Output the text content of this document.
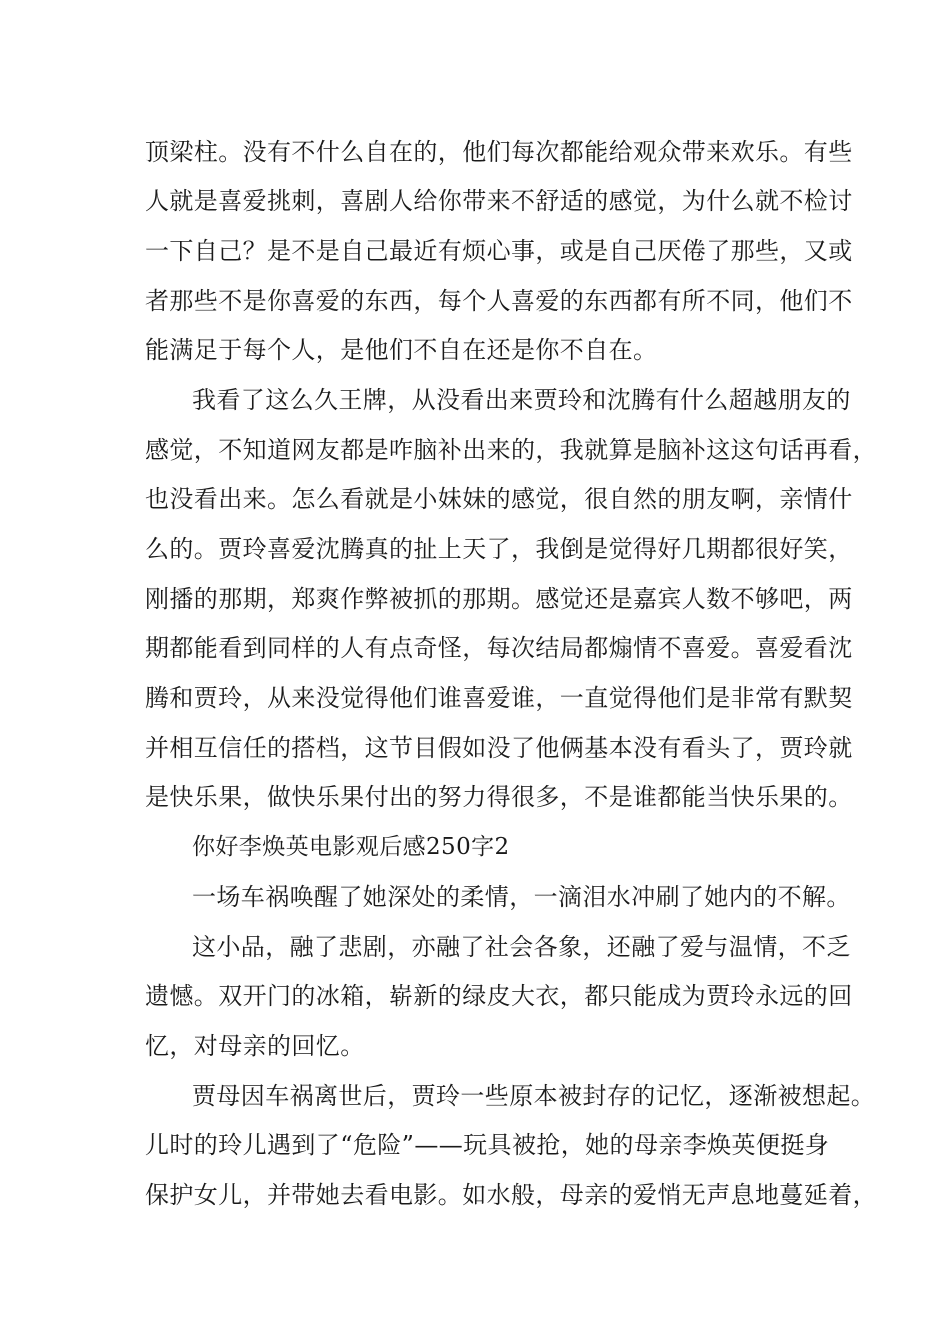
顶梁柱。没有不什么自在的，他们每次都能给观众带来欢乐。有些
人就是喜爱挑刺，喜剧人给你带来不舒适的感觉，为什么就不检讨
一下自己？是不是自己最近有烦心事，或是自己厌倦了那些，又或
者那些不是你喜爱的东西，每个人喜爱的东西都有所不同，他们不
能满足于每个人，是他们不自在还是你不自在。
我看了这么久王牌，从没看出来贾玲和沈腾有什么超越朋友的
感觉，不知道网友都是咋脑补出来的，我就算是脑补这这句话再看，
也没看出来。怎么看就是小妹妹的感觉，很自然的朋友啊，亲情什
么的。贾玲喜爱沈腾真的扯上天了，我倒是觉得好几期都很好笑，
刚播的那期，郑爽作弊被抓的那期。感觉还是嘉宾人数不够吧，两
期都能看到同样的人有点奇怪，每次结局都煽情不喜爱。喜爱看沈
腾和贾玲，从来没觉得他们谁喜爱谁，一直觉得他们是非常有默契
并相互信任的搭档，这节目假如没了他俩基本没有看头了，贾玲就
是快乐果，做快乐果付出的努力得很多，不是谁都能当快乐果的。
你好李焕英电影观后感250字2
一场车祸唤醒了她深处的柔情，一滴泪水冲刷了她内的不解。
这小品，融了悲剧，亦融了社会各象，还融了爱与温情，不乏
遗憾。双开门的冰箱，崭新的绿皮大衣，都只能成为贾玲永远的回
忆，对母亲的回忆。
贾母因车祸离世后，贾玲一些原本被封存的记忆，逐渐被想起。
儿时的玲儿遇到了“危险”——玩具被抢，她的母亲李焕英便挺身
保护女儿，并带她去看电影。如水般，母亲的爱悄无声息地蔓延着，
